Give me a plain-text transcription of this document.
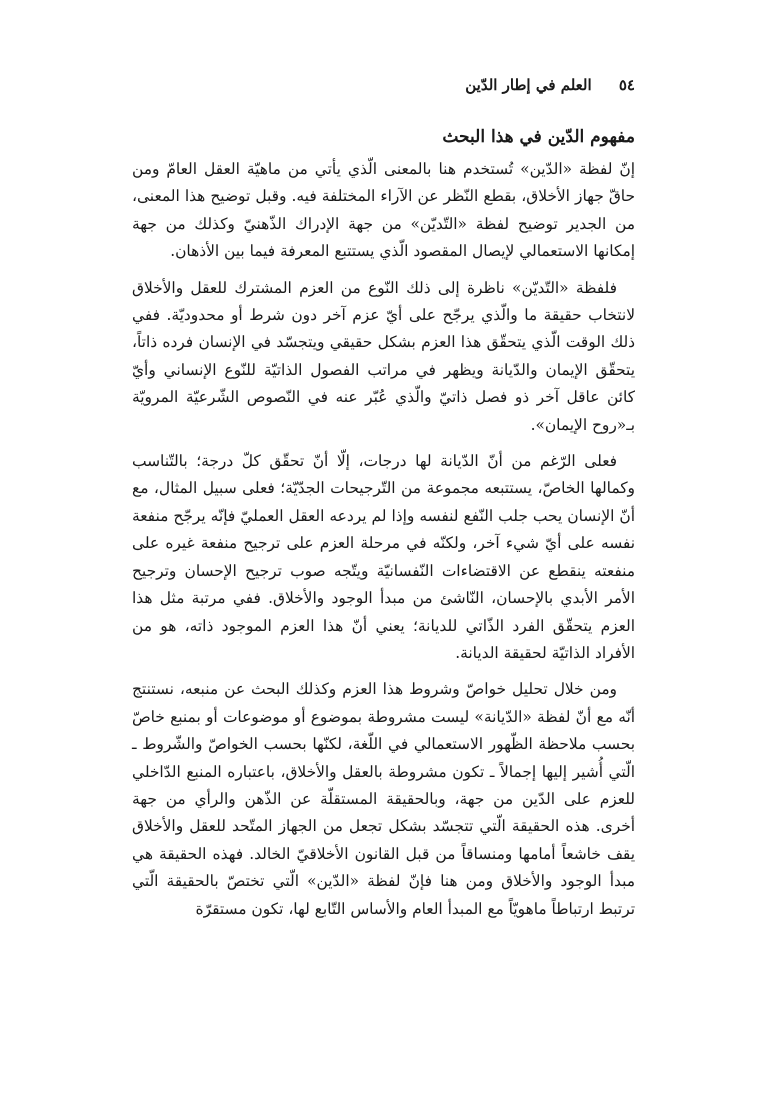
٥٤ العلم في إطار الدّين
مفهوم الدّين في هذا البحث

إنّ لفظة «الدّين» تُستخدم هنا بالمعنى الّذي يأتي من ماهيّة العقل العامّ ومن حاقّ جهاز الأخلاق، بقطع النّظر عن الآراء المختلفة فيه. وقبل توضيح هذا المعنى، من الجدير توضيح لفظة «التّديّن» من جهة الإدراك الذّهنيّ وكذلك من جهة إمكانها الاستعمالي لإيصال المقصود الّذي يستتبع المعرفة فيما بين الأذهان.

فلفظة «التّديّن» ناظرة إلى ذلك النّوع من العزم المشترك للعقل والأخلاق لانتخاب حقيقة ما والّذي يرجّح على أيّ عزم آخر دون شرط أو محدوديّة. ففي ذلك الوقت الّذي يتحقّق هذا العزم بشكل حقيقي ويتجسّد في الإنسان فرده ذاتاً، يتحقّق الإيمان والدّيانة ويظهر في مراتب الفصول الذاتيّة للنّوع الإنساني وأيّ كائن عاقل آخر ذو فصل ذاتيّ والّذي عُبّر عنه في النّصوص الشّرعيّة المرويّة بـ«روح الإيمان».

فعلى الرّغم من أنّ الدّيانة لها درجات، إلّا أنّ تحقّق كلّ درجة؛ بالتّناسب وكمالها الخاصّ، يستتبعه مجموعة من التّرجيحات الجدّيّة؛ فعلى سبيل المثال، مع أنّ الإنسان يحب جلب النّفع لنفسه وإذا لم يردعه العقل العمليّ فإنّه يرجّح منفعة نفسه على أيّ شيء آخر، ولكنّه في مرحلة العزم على ترجيح منفعة غيره على منفعته ينقطع عن الاقتضاءات النّفسانيّة ويتّجه صوب ترجيح الإحسان وترجيح الأمر الأبدي بالإحسان، النّاشئ من مبدأ الوجود والأخلاق. ففي مرتبة مثل هذا العزم يتحقّق الفرد الذّاتي للديانة؛ يعني أنّ هذا العزم الموجود ذاته، هو من الأفراد الذاتيّة لحقيقة الديانة.

ومن خلال تحليل خواصّ وشروط هذا العزم وكذلك البحث عن منبعه، نستنتج أنّه مع أنّ لفظة «الدّيانة» ليست مشروطة بموضوع أو موضوعات أو بمنبع خاصّ بحسب ملاحظة الظّهور الاستعمالي في اللّغة، لكنّها بحسب الخواصّ والشّروط ـ الّتي أُشير إليها إجمالاً ـ تكون مشروطة بالعقل والأخلاق، باعتباره المنبع الدّاخلي للعزم على الدّين من جهة، وبالحقيقة المستقلّة عن الذّهن والرأي من جهة أخرى. هذه الحقيقة الّتي تتجسّد بشكل تجعل من الجهاز المتّحد للعقل والأخلاق يقف خاشعاً أمامها ومنساقاً من قبل القانون الأخلاقيّ الخالد. فهذه الحقيقة هي مبدأ الوجود والأخلاق ومن هنا فإنّ لفظة «الدّين» الّتي تختصّ بالحقيقة الّتي ترتبط ارتباطاً ماهويّاً مع المبدأ العام والأساس التّابع لها، تكون مستقرّة
